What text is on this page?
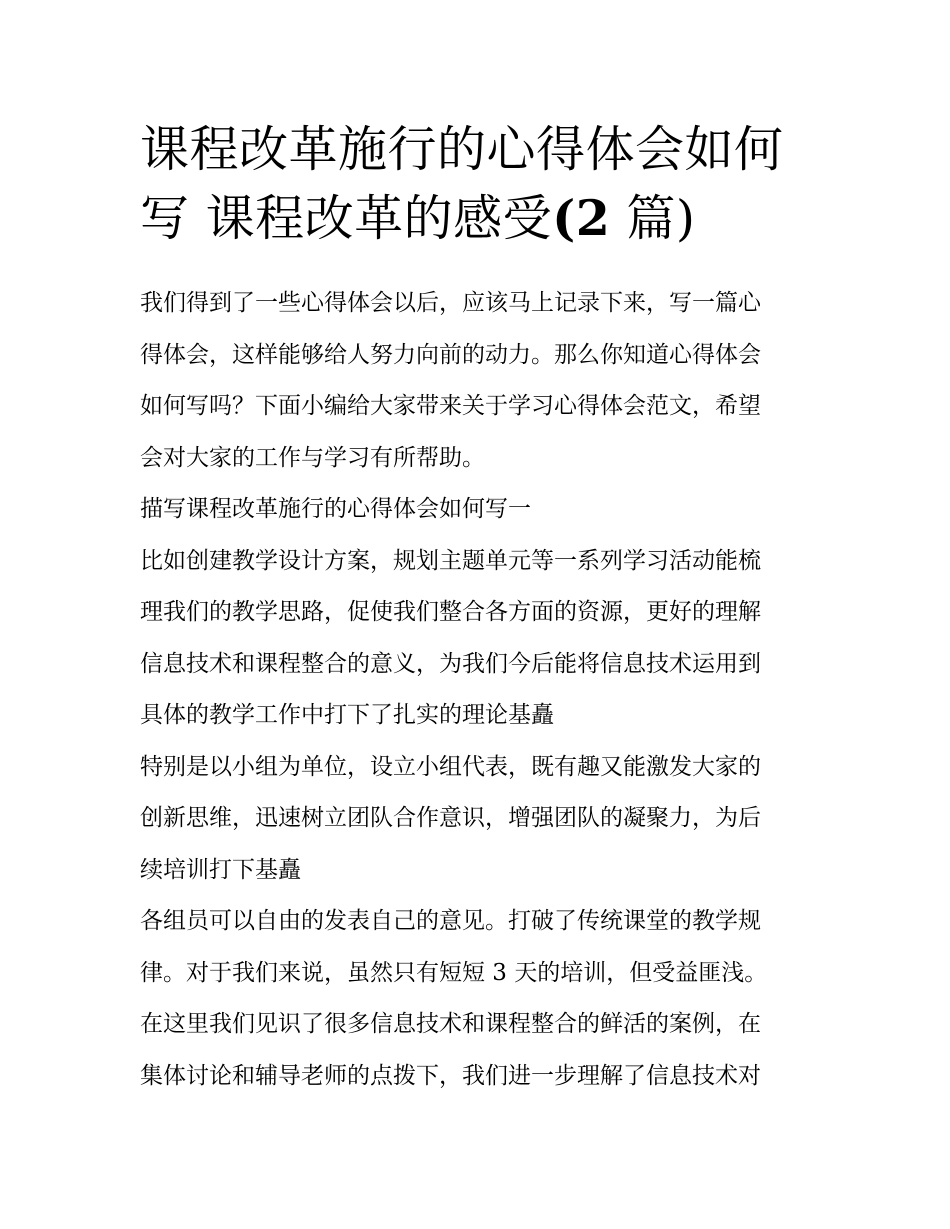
课程改革施行的心得体会如何
写 课程改革的感受(2 篇)
我们得到了一些心得体会以后，应该马上记录下来，写一篇心
得体会，这样能够给人努力向前的动力。那么你知道心得体会
如何写吗？下面小编给大家带来关于学习心得体会范文，希望
会对大家的工作与学习有所帮助。
描写课程改革施行的心得体会如何写一
比如创建教学设计方案，规划主题单元等一系列学习活动能梳
理我们的教学思路，促使我们整合各方面的资源，更好的理解
信息技术和课程整合的意义，为我们今后能将信息技术运用到
具体的教学工作中打下了扎实的理论基矗
特别是以小组为单位，设立小组代表，既有趣又能激发大家的
创新思维，迅速树立团队合作意识，增强团队的凝聚力，为后
续培训打下基矗
各组员可以自由的发表自己的意见。打破了传统课堂的教学规
律。对于我们来说，虽然只有短短 3 天的培训，但受益匪浅。
在这里我们见识了很多信息技术和课程整合的鲜活的案例，在
集体讨论和辅导老师的点拨下，我们进一步理解了信息技术对
